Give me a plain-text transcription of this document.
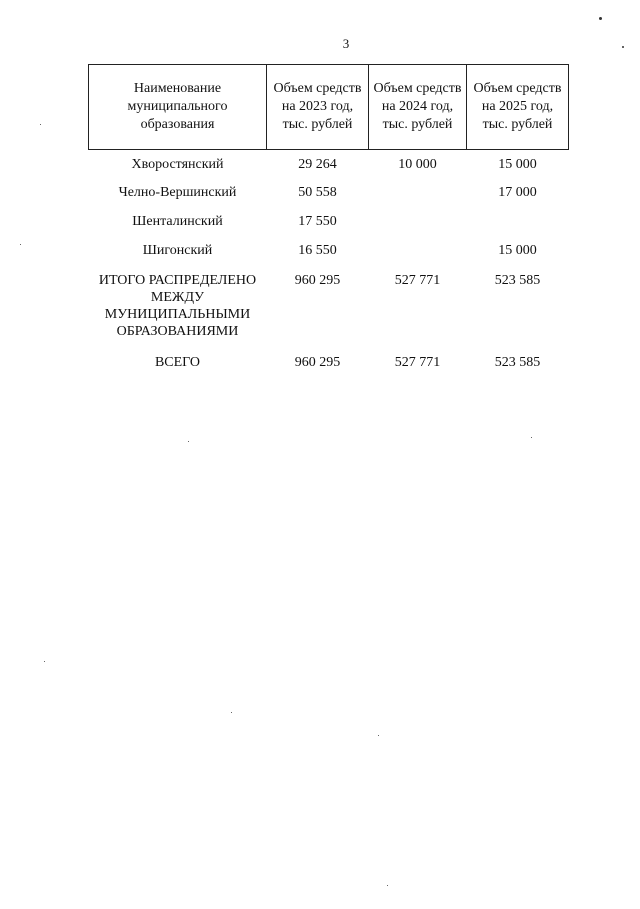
3
Наименование муниципального образования	Объем средств на 2023 год, тыс. рублей	Объем средств на 2024 год, тыс. рублей	Объем средств на 2025 год, тыс. рублей
Хворостянский	29 264	10 000	15 000
Челно-Вершинский	50 558		17 000
Шенталинский	17 550		
Шигонский	16 550		15 000
ИТОГО РАСПРЕДЕЛЕНО МЕЖДУ МУНИЦИПАЛЬНЫМИ ОБРАЗОВАНИЯМИ	960 295	527 771	523 585
ВСЕГО	960 295	527 771	523 585
